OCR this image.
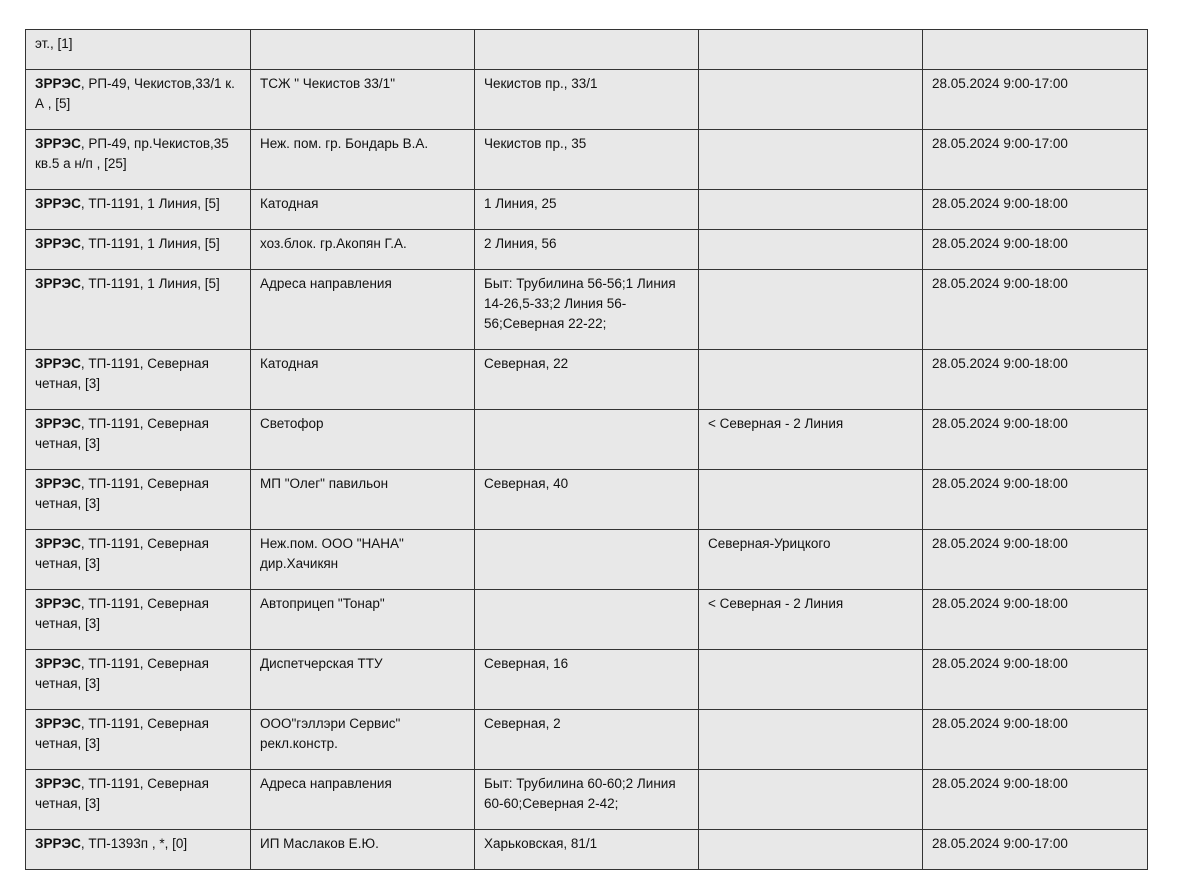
эт., [1]				
ЗРРЭС, РП-49, Чекистов,33/1 к. А , [5]	ТСЖ " Чекистов 33/1"	Чекистов пр., 33/1		28.05.2024 9:00-17:00
ЗРРЭС, РП-49, пр.Чекистов,35 кв.5 а н/п , [25]	Неж. пом. гр. Бондарь В.А.	Чекистов пр., 35		28.05.2024 9:00-17:00
ЗРРЭС, ТП-1191, 1 Линия, [5]	Катодная	1 Линия, 25		28.05.2024 9:00-18:00
ЗРРЭС, ТП-1191, 1 Линия, [5]	хоз.блок. гр.Акопян Г.А.	2 Линия, 56		28.05.2024 9:00-18:00
ЗРРЭС, ТП-1191, 1 Линия, [5]	Адреса направления	Быт: Трубилина 56-56;1 Линия 14-26,5-33;2 Линия 56-56;Северная 22-22;		28.05.2024 9:00-18:00
ЗРРЭС, ТП-1191, Северная четная, [3]	Катодная	Северная, 22		28.05.2024 9:00-18:00
ЗРРЭС, ТП-1191, Северная четная, [3]	Светофор		< Северная - 2 Линия	28.05.2024 9:00-18:00
ЗРРЭС, ТП-1191, Северная четная, [3]	МП "Олег" павильон	Северная, 40		28.05.2024 9:00-18:00
ЗРРЭС, ТП-1191, Северная четная, [3]	Неж.пом. ООО "НАНА" дир.Хачикян		Северная-Урицкого	28.05.2024 9:00-18:00
ЗРРЭС, ТП-1191, Северная четная, [3]	Автоприцеп "Тонар"		< Северная - 2 Линия	28.05.2024 9:00-18:00
ЗРРЭС, ТП-1191, Северная четная, [3]	Диспетчерская ТТУ	Северная, 16		28.05.2024 9:00-18:00
ЗРРЭС, ТП-1191, Северная четная, [3]	ООО"гэллэри Сервис" рекл.констр.	Северная, 2		28.05.2024 9:00-18:00
ЗРРЭС, ТП-1191, Северная четная, [3]	Адреса направления	Быт: Трубилина 60-60;2 Линия 60-60;Северная 2-42;		28.05.2024 9:00-18:00
ЗРРЭС, ТП-1393п , *, [0]	ИП Маслаков Е.Ю.	Харьковская, 81/1		28.05.2024 9:00-17:00
